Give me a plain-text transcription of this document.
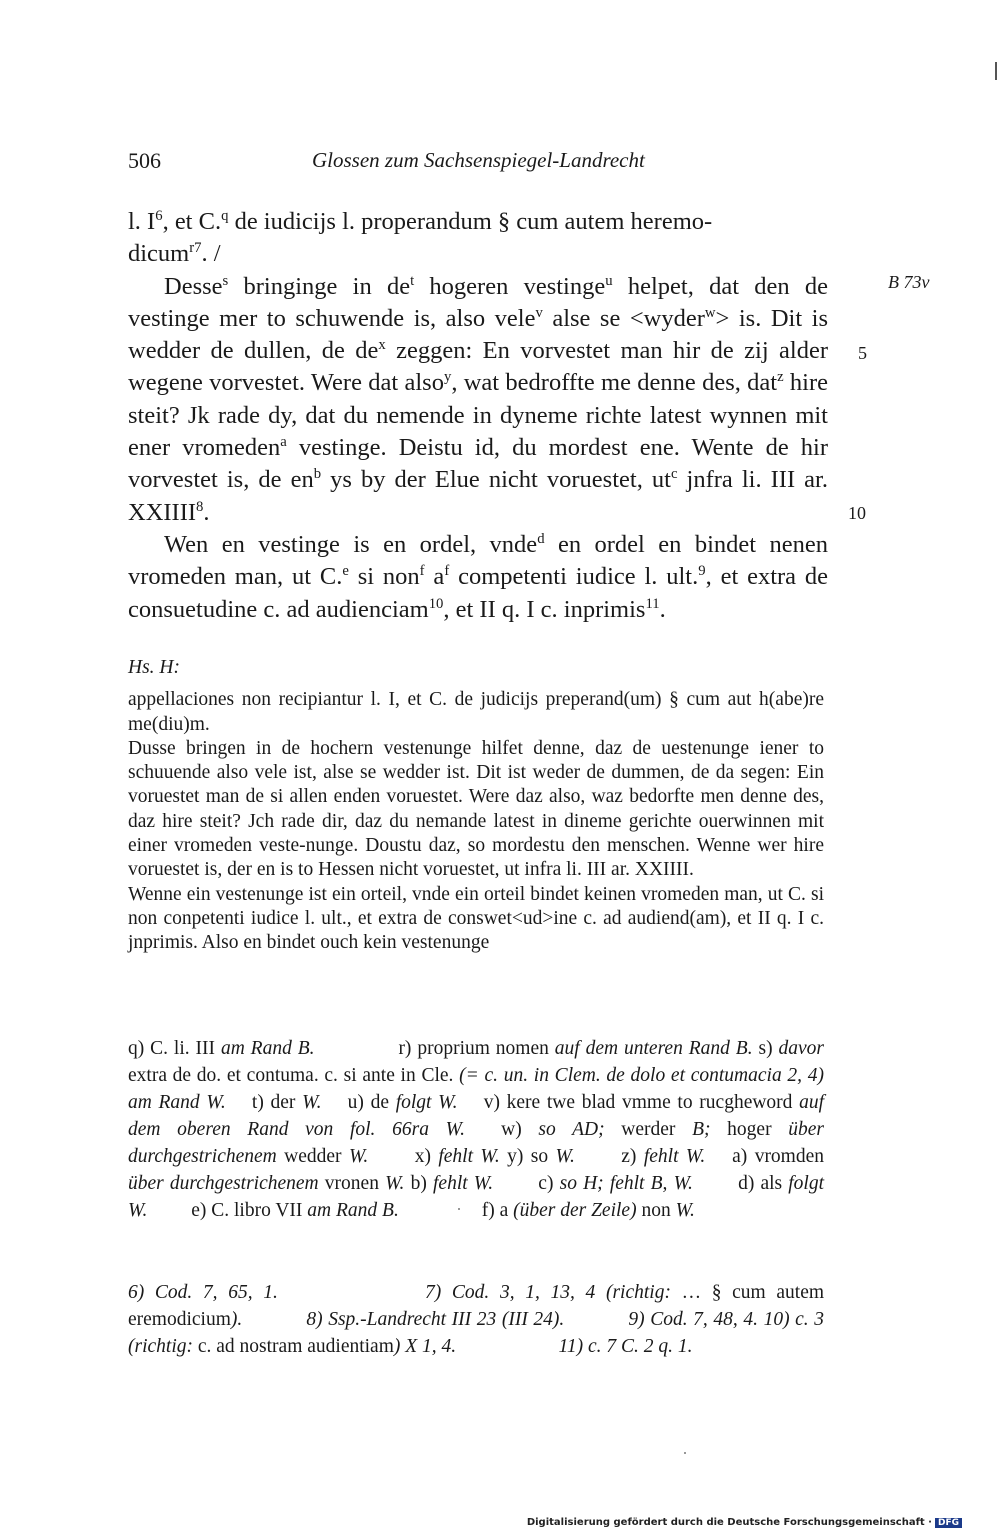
506	Glossen zum Sachsenspiegel-Landrecht
B 73v
5
10

l. $I^6$, et C.$^q$ de iudicijs l. properandum § cum autem heremo-
dicum$^{r7}$. /

Desse$^s$ bringinge in $de^t$ hogeren vestinge$^u$ helpet, dat den de vestinge mer to schuwende is, also vele$^v$ alse se <wyder$^w$> is. Dit is wedder de dullen, de $de^x$ zeggen: En vorvestet man hir de zij alder wegene vorvestet. Were dat also$^y$, wat bedroffte me denne des, dat$^z$ hire steit? Jk rade dy, dat du nemende in dyneme richte latest wynnen mit ener vromeden$^a$ vestinge. Deistu id, du mordest ene. Wente de hir vorvestet is, de $en^b$ ys by der Elue nicht voruestet, $ut^c$ jnfra li. III ar. XXIIII$^8$.

Wen en vestinge is en ordel, vnde$^d$ en ordel en bindet nenen vromeden man, ut C.$^e$ si non$^f$ $a^f$ competenti iudice l. ult.$^9$, et extra de consuetudine c. ad audienciam$^{10}$, et II q. I c. inprimis$^{11}$.

Hs. H:

appellaciones non recipiantur l. I, et C. de judicijs preperand(um) § cum aut h(abe)re me(diu)m.

Dusse bringen in de hochern vestenunge hilfet denne, daz de uestenunge iener to schuuende also vele ist, alse se wedder ist. Dit ist weder de dummen, de da segen: Ein voruestet man de si allen enden voruestet. Were daz also, waz bedorfte men denne des, daz hire steit? Jch rade dir, daz du nemande latest in dineme gerichte ouerwinnen mit einer vromeden veste-nunge. Doustu daz, so mordestu den menschen. Wenne wer hire voruestet is, der en is to Hessen nicht voruestet, ut infra li. III ar. XXIIII.

Wenne ein vestenunge ist ein orteil, vnde ein orteil bindet keinen vromeden man, ut C. si non conpetenti iudice l. ult., et extra de conswet<ud>ine c. ad audiend(am), et II q. I c. jnprimis. Also en bindet ouch kein vestenunge

q) C. li. III am Rand B.    	r) proprium nomen auf dem unteren Rand B. s) davor extra de do. et contuma. c. si ante in Cle. (= c. un. in Clem. de dolo et contumacia 2, 4) am Rand W.  t) der W.  u) de folgt W.  v) kere twe blad vmme to rucgheword auf dem oberen Rand von fol. 66ra W.  w) so AD; werder B; hoger über durchgestrichenem wedder W.   x) fehlt W. y) so W.   z) fehlt W.  a) vromden über durchgestrichenem vronen W. b) fehlt W.   c) so H; fehlt B, W.   d) als folgt W.   e) C. libro VII am Rand B.    	f) a (über der Zeile) non W.

6) Cod. 7, 65, 1.       	7) Cod. 3, 1, 13, 4 (richtig: … § cum autem eremodicium).   	8) Ssp.-Landrecht III 23 (III 24).   	9) Cod. 7, 48, 4. 10) c. 3 (richtig: c. ad nostram audientiam) X 1, 4.     	11) c. 7 C. 2 q. 1.

Digitalisierung gefördert durch die Deutsche Forschungsgemeinschaft · DFG
